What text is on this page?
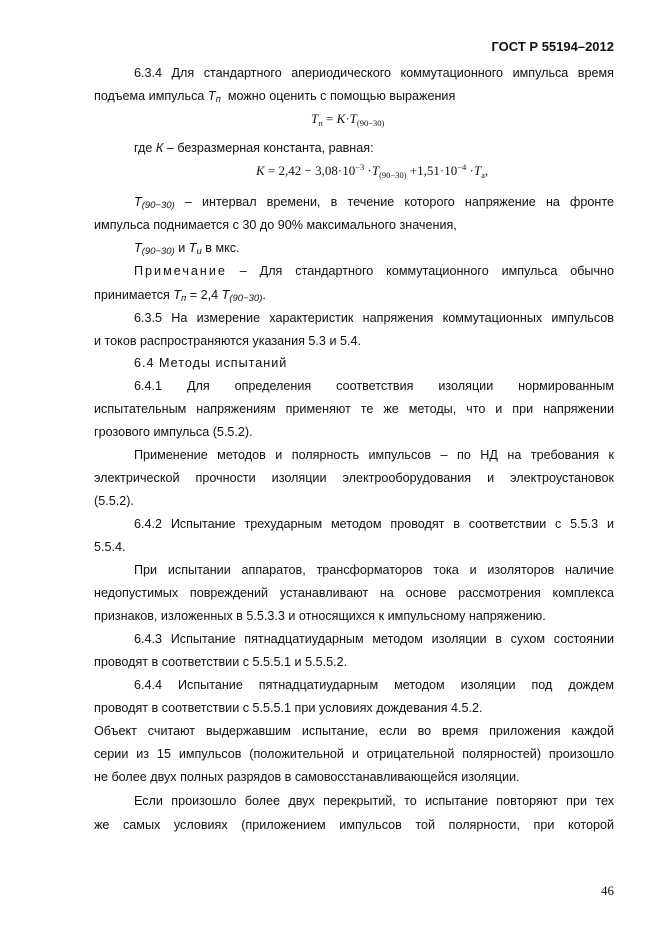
ГОСТ Р 55194–2012
6.3.4 Для стандартного апериодического коммутационного импульса время
подъема импульса Tп можно оценить с помощью выражения
$T_п = K\cdot T_{(90-30)}$
где К – безразмерная константа, равная:
$K = 2,42 - 3,08\cdot 10^{-3} \cdot T_{(90-30)} +1,51\cdot 10^{-4} \cdot T_а$,
T(90−30) – интервал времени, в течение которого напряжение на фронте
импульса поднимается с 30 до 90% максимального значения,
T(90−30) и Tu в мкс.
Примечание – Для стандартного коммутационного импульса обычно
принимается Tп = 2,4 T(90−30).
6.3.5 На измерение характеристик напряжения коммутационных импульсов
и токов распространяются указания 5.3 и 5.4.
6.4 Методы испытаний
6.4.1 Для определения соответствия изоляции нормированным
испытательным напряжениям применяют те же методы, что и при напряжении
грозового импульса (5.5.2).
Применение методов и полярность импульсов – по НД на требования к
электрической прочности изоляции электрооборудования и электроустановок
(5.5.2).
6.4.2 Испытание трехударным методом проводят в соответствии с 5.5.3 и
5.5.4.
При испытании аппаратов, трансформаторов тока и изоляторов наличие
недопустимых повреждений устанавливают на основе рассмотрения комплекса
признаков, изложенных в 5.5.3.3 и относящихся к импульсному напряжению.
6.4.3 Испытание пятнадцатиударным методом изоляции в сухом состоянии
проводят в соответствии с 5.5.5.1 и 5.5.5.2.
6.4.4 Испытание пятнадцатиударным методом изоляции под дождем
проводят в соответствии с 5.5.5.1 при условиях дождевания 4.5.2.
Объект считают выдержавшим испытание, если во время приложения каждой
серии из 15 импульсов (положительной и отрицательной полярностей) произошло
не более двух полных разрядов в самовосстанавливающейся изоляции.
Если произошло более двух перекрытий, то испытание повторяют при тех
же самых условиях (приложением импульсов той полярности, при которой
46
